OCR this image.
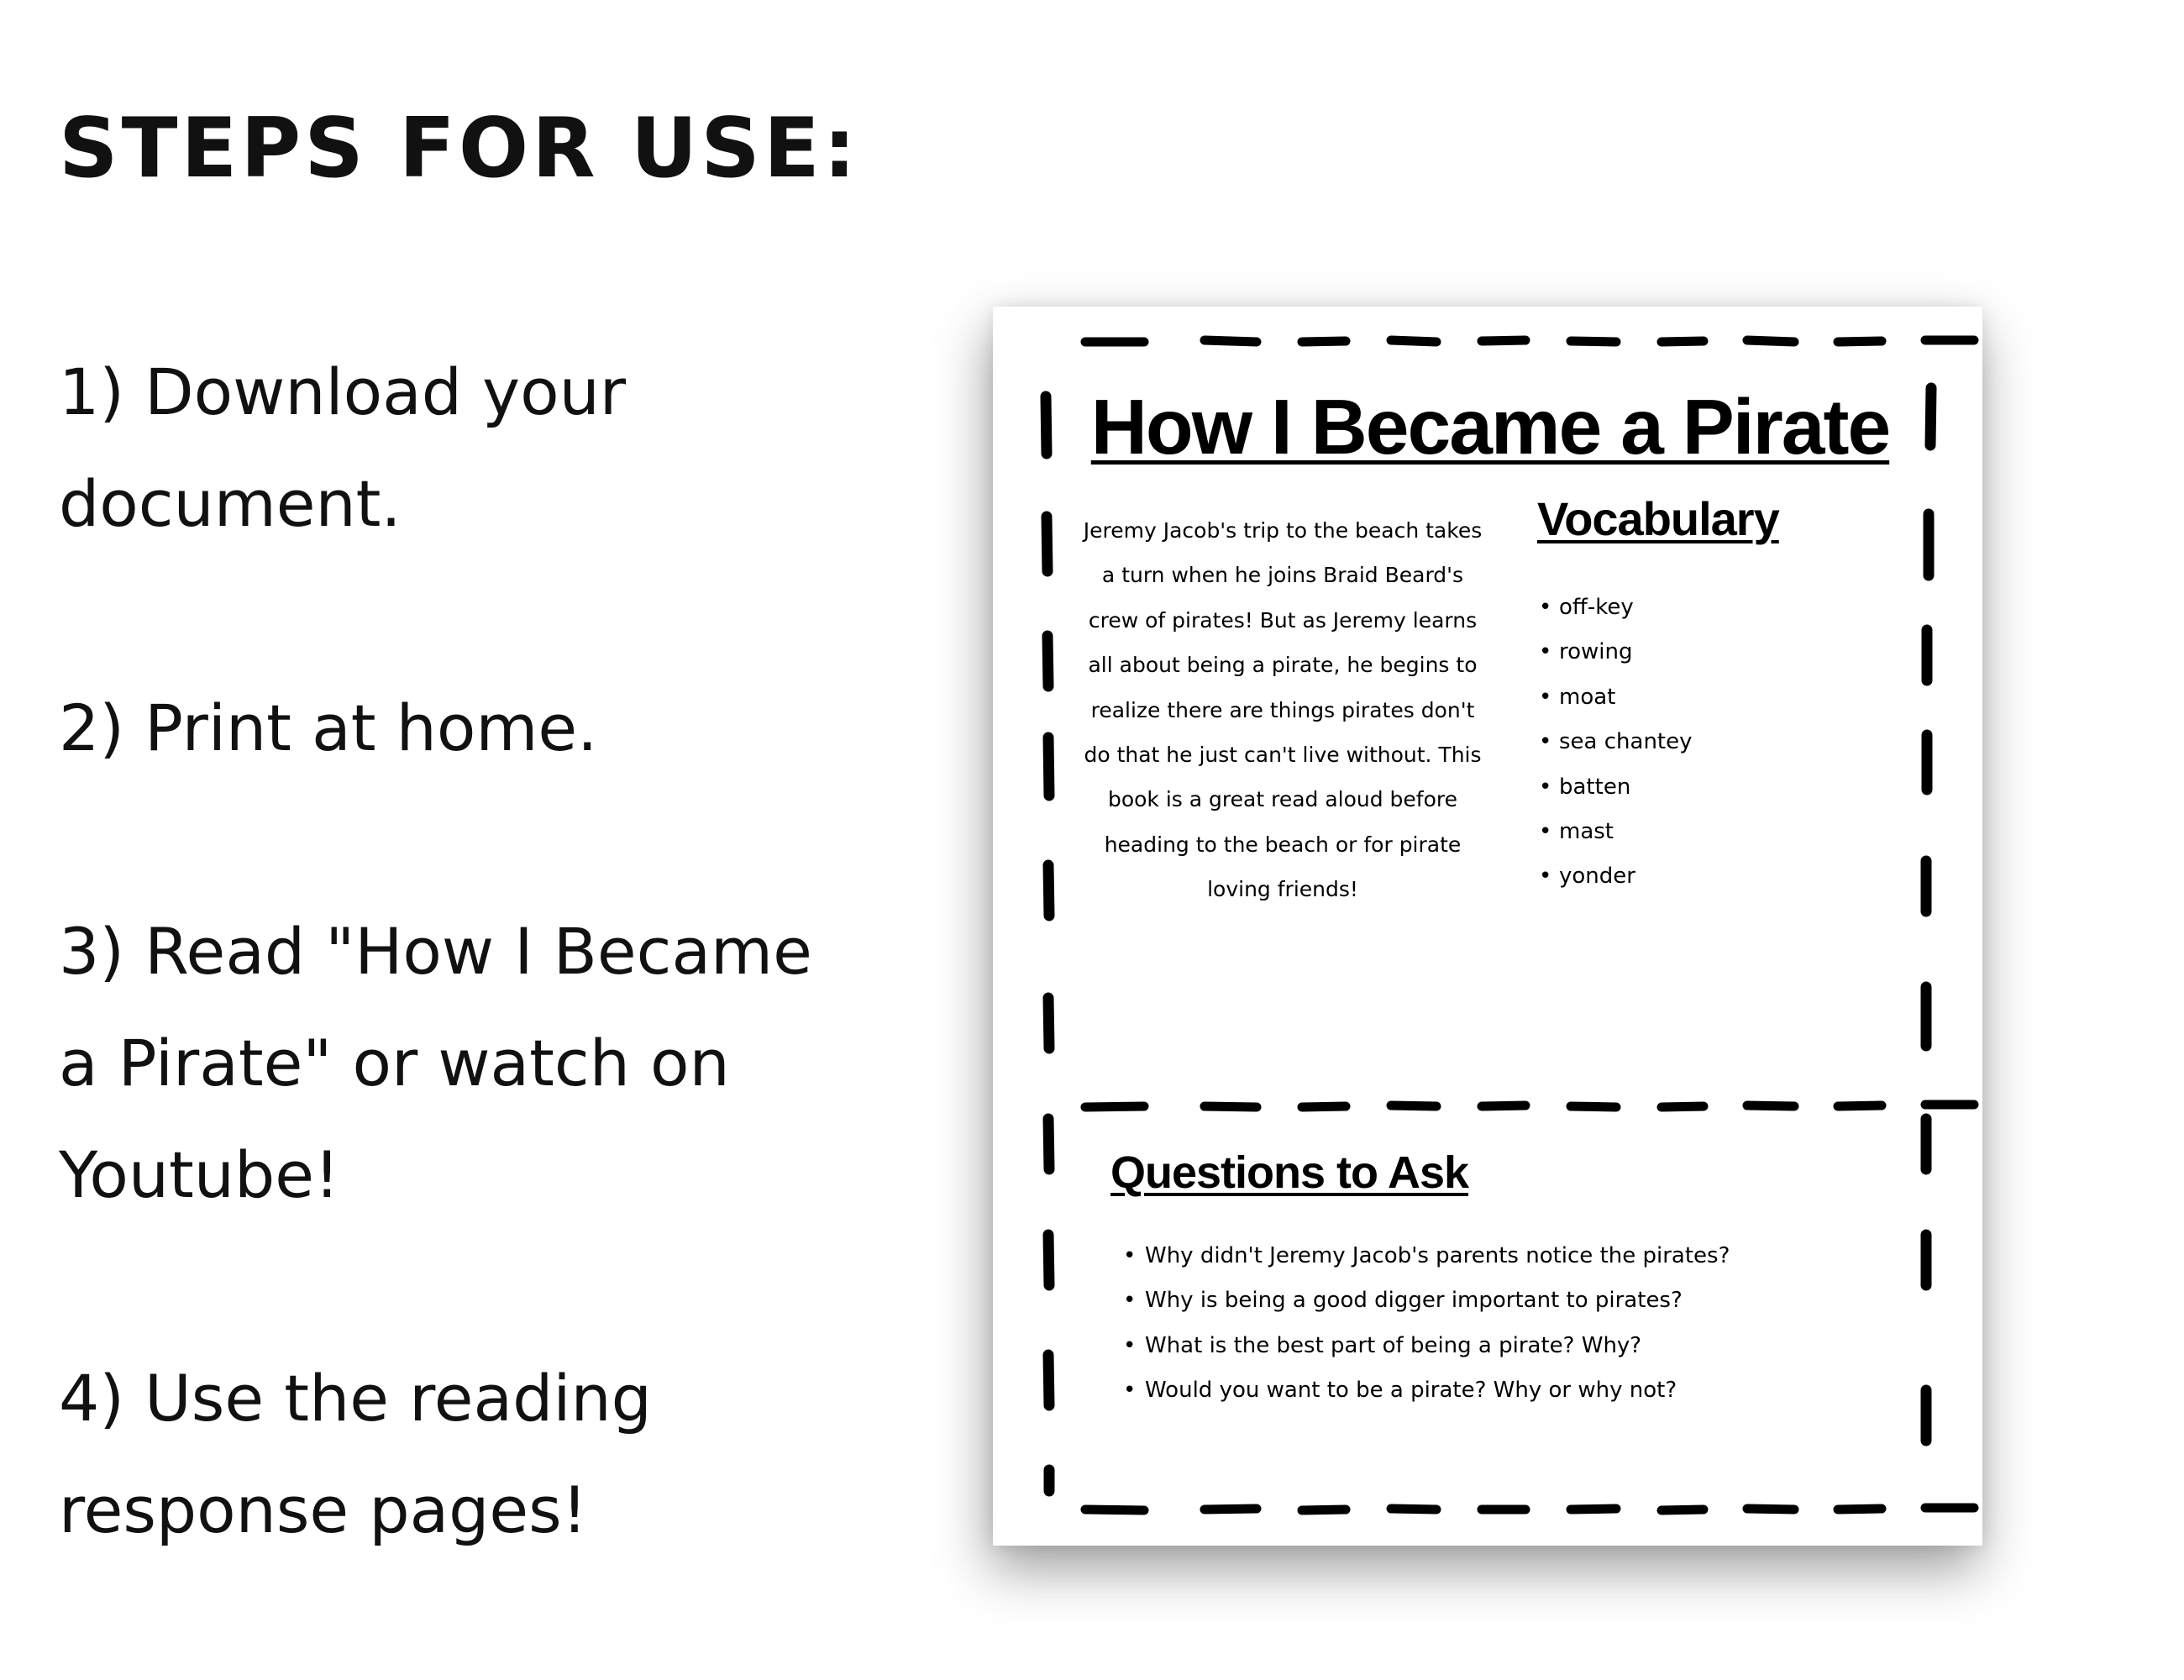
STEPS FOR USE:

1) Download your document.

2) Print at home.

3) Read "How I Became a Pirate" or watch on Youtube!

4) Use the reading response pages!

How I Became a Pirate

Jeremy Jacob's trip to the beach takes a turn when he joins Braid Beard's crew of pirates! But as Jeremy learns all about being a pirate, he begins to realize there are things pirates don't do that he just can't live without. This book is a great read aloud before heading to the beach or for pirate loving friends!

Vocabulary
• off-key
• rowing
• moat
• sea chantey
• batten
• mast
• yonder
Questions to Ask
• Why didn't Jeremy Jacob's parents notice the pirates?
• Why is being a good digger important to pirates?
• What is the best part of being a pirate? Why?
• Would you want to be a pirate? Why or why not?
